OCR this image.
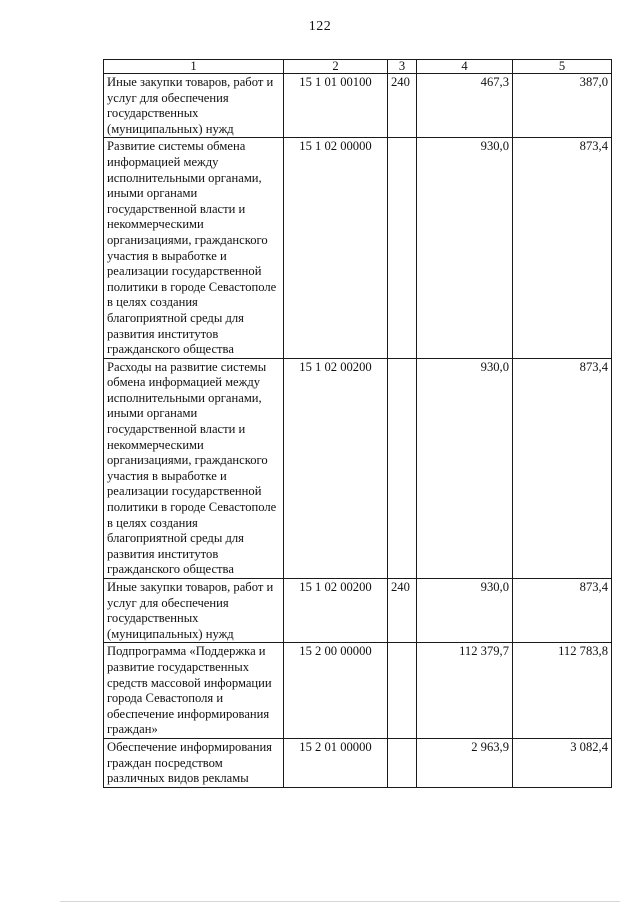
122
1	2	3	4	5
Иные закупки товаров, работ и услуг для обеспечения государственных (муниципальных) нужд	15 1 01 00100	240	467,3	387,0
Развитие системы обмена информацией между исполнительными органами, иными органами государственной власти и некоммерческими организациями, гражданского участия в выработке и реализации государственной политики в городе Севастополе в целях создания благоприятной среды для развития институтов гражданского общества	15 1 02 00000		930,0	873,4
Расходы на развитие системы обмена информацией между исполнительными органами, иными органами государственной власти и некоммерческими организациями, гражданского участия в выработке и реализации государственной политики в городе Севастополе в целях создания благоприятной среды для развития институтов гражданского общества	15 1 02 00200		930,0	873,4
Иные закупки товаров, работ и услуг для обеспечения государственных (муниципальных) нужд	15 1 02 00200	240	930,0	873,4
Подпрограмма «Поддержка и развитие государственных средств массовой информации города Севастополя и обеспечение информирования граждан»	15 2 00 00000		112 379,7	112 783,8
Обеспечение информирования граждан посредством различных видов рекламы	15 2 01 00000		2 963,9	3 082,4
